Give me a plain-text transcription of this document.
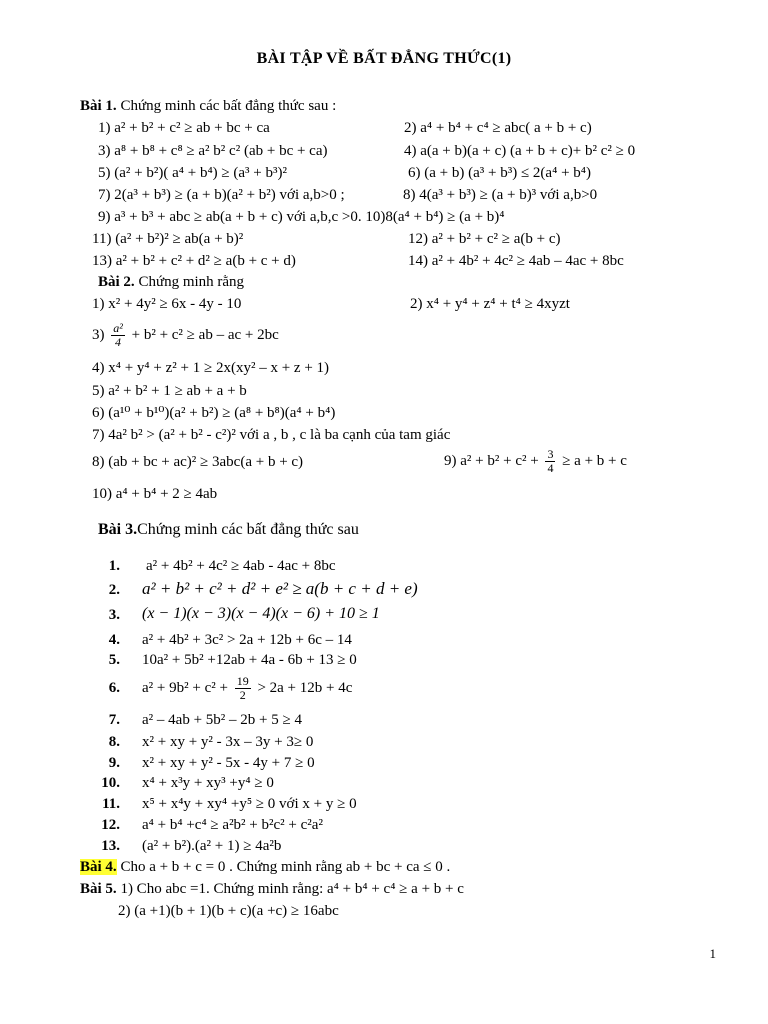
BÀI TẬP VỀ BẤT ĐẲNG THỨC(1)
Bài 1. Chứng minh các bất đẳng thức sau :
1) a² + b² + c² ≥ ab + bc + ca	2) a⁴ + b⁴ + c⁴ ≥ abc( a + b + c)
3) a⁸ + b⁸ + c⁸ ≥ a² b² c² (ab + bc + ca)	4) a(a + b)(a + c) (a + b + c)+ b² c² ≥ 0
5) (a² + b²)( a⁴ + b⁴) ≥ (a³ + b³)²	6) (a + b) (a³ + b³) ≤ 2(a⁴ + b⁴)
7) 2(a³ + b³) ≥ (a + b)(a² + b²) với a,b>0 ;	8) 4(a³ + b³) ≥ (a + b)³ với a,b>0
9) a³ + b³ + abc ≥ ab(a + b + c) với a,b,c >0. 10)8(a⁴ + b⁴) ≥ (a + b)⁴
11) (a² + b²)² ≥ ab(a + b)²	12) a² + b² + c² ≥ a(b + c)
13) a² + b² + c² + d² ≥ a(b + c + d)	14) a² + 4b² + 4c² ≥ 4ab – 4ac + 8bc
Bài 2. Chứng minh rằng
1) x² + 4y² ≥ 6x - 4y - 10	2) x⁴ + y⁴ + z⁴ + t⁴ ≥ 4xyzt
$3) \frac{\text{a²}}{4} + b^2 + c^2$ ≥ ab – ac + 2bc
4) x⁴ + y⁴ + z² + 1 ≥ 2x(xy² – x + z + 1)
5) a² + b² + 1 ≥ ab + a + b
6) (a¹⁰ + b¹⁰)(a² + b²) ≥ (a⁸ + b⁸)(a⁴ + b⁴)
7) 4a² b² > (a² + b² - c²)² với a , b , c là ba cạnh của tam giác
8) (ab + bc + ac)² ≥ 3abc(a + b + c)	9) $a^2 + b^2 + c^2 + \frac{3}{4} \ge a + b + c$
10) a⁴ + b⁴ + 2 ≥ 4ab
Bài 3.Chứng minh các bất đẳng thức sau
1. a² + 4b² + 4c² ≥ 4ab - 4ac + 8bc
2. a² + b² + c² + d² + e² ≥ a(b + c + d + e)
3. (x − 1)(x − 3)(x − 4)(x − 6) + 10 ≥ 1
4. a² + 4b² + 3c² > 2a + 12b + 6c – 14
5. 10a² + 5b² +12ab + 4a - 6b + 13 ≥ 0
6. $a^2 + 9b^2 + c^2 + \frac{19}{2} > 2a + 12b + 4c$
7. a² – 4ab + 5b² – 2b + 5 ≥ 4
8. x² + xy + y² - 3x – 3y + 3≥ 0
9. x² + xy + y² - 5x - 4y + 7 ≥ 0
10. x⁴ + x³y + xy³ +y⁴ ≥ 0
11. x⁵ + x⁴y + xy⁴ +y⁵ ≥ 0 với x + y ≥ 0
12. a⁴ + b⁴ +c⁴ ≥ a²b² + b²c² + c²a²
13. (a² + b²).(a² + 1) ≥ 4a²b
Bài 4. Cho a + b + c = 0 . Chứng minh rằng ab + bc + ca ≤ 0 .
Bài 5. 1) Cho abc =1. Chứng minh rằng: a⁴ + b⁴ + c⁴ ≥ a + b + c
2) (a +1)(b + 1)(b + c)(a +c) ≥ 16abc
1
